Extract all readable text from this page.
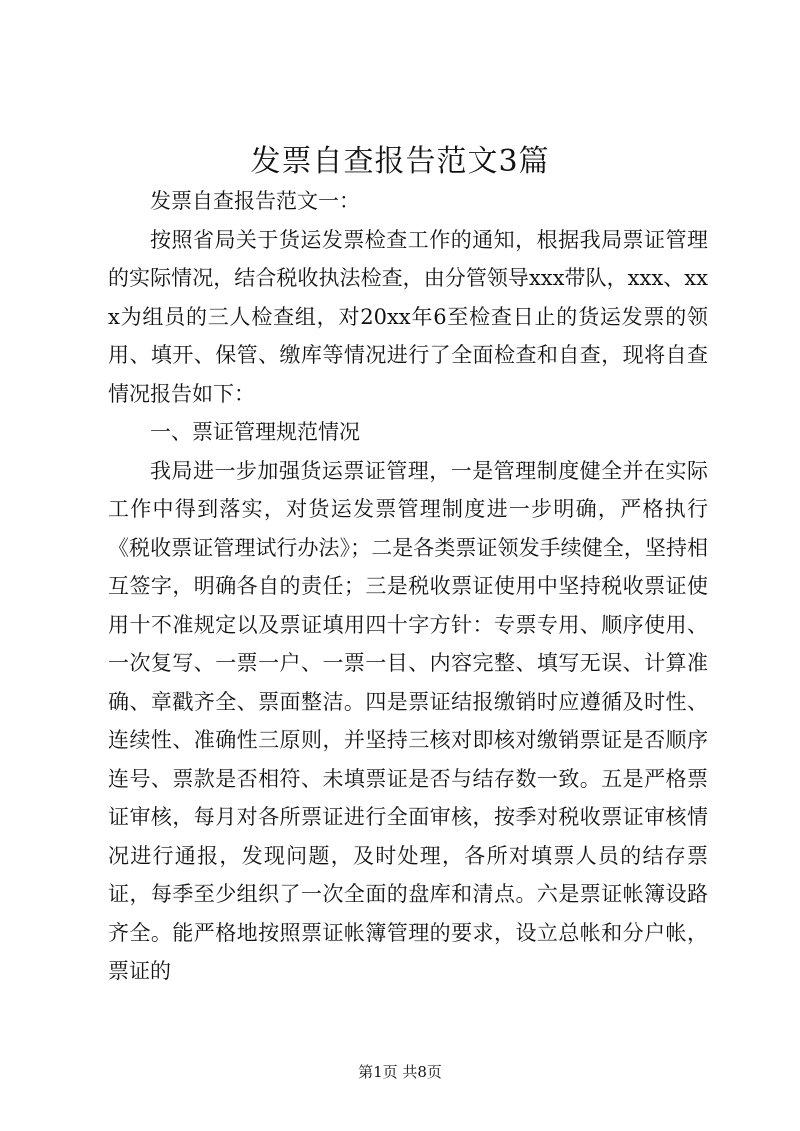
发票自查报告范文3篇

发票自查报告范文一：

按照省局关于货运发票检查工作的通知，根据我局票证管理的实际情况，结合税收执法检查，由分管领导xxx带队，xxx、xxx为组员的三人检查组，对20xx年6至检查日止的货运发票的领用、填开、保管、缴库等情况进行了全面检查和自查，现将自查情况报告如下：

一、票证管理规范情况

我局进一步加强货运票证管理，一是管理制度健全并在实际工作中得到落实，对货运发票管理制度进一步明确，严格执行《税收票证管理试行办法》；二是各类票证领发手续健全，坚持相互签字，明确各自的责任；三是税收票证使用中坚持税收票证使用十不准规定以及票证填用四十字方针：专票专用、顺序使用、一次复写、一票一户、一票一目、内容完整、填写无误、计算准确、章戳齐全、票面整洁。四是票证结报缴销时应遵循及时性、连续性、准确性三原则，并坚持三核对即核对缴销票证是否顺序连号、票款是否相符、未填票证是否与结存数一致。五是严格票证审核，每月对各所票证进行全面审核，按季对税收票证审核情况进行通报，发现问题，及时处理，各所对填票人员的结存票证，每季至少组织了一次全面的盘库和清点。六是票证帐簿设路齐全。能严格地按照票证帐簿管理的要求，设立总帐和分户帐，票证的

第1页 共8页
